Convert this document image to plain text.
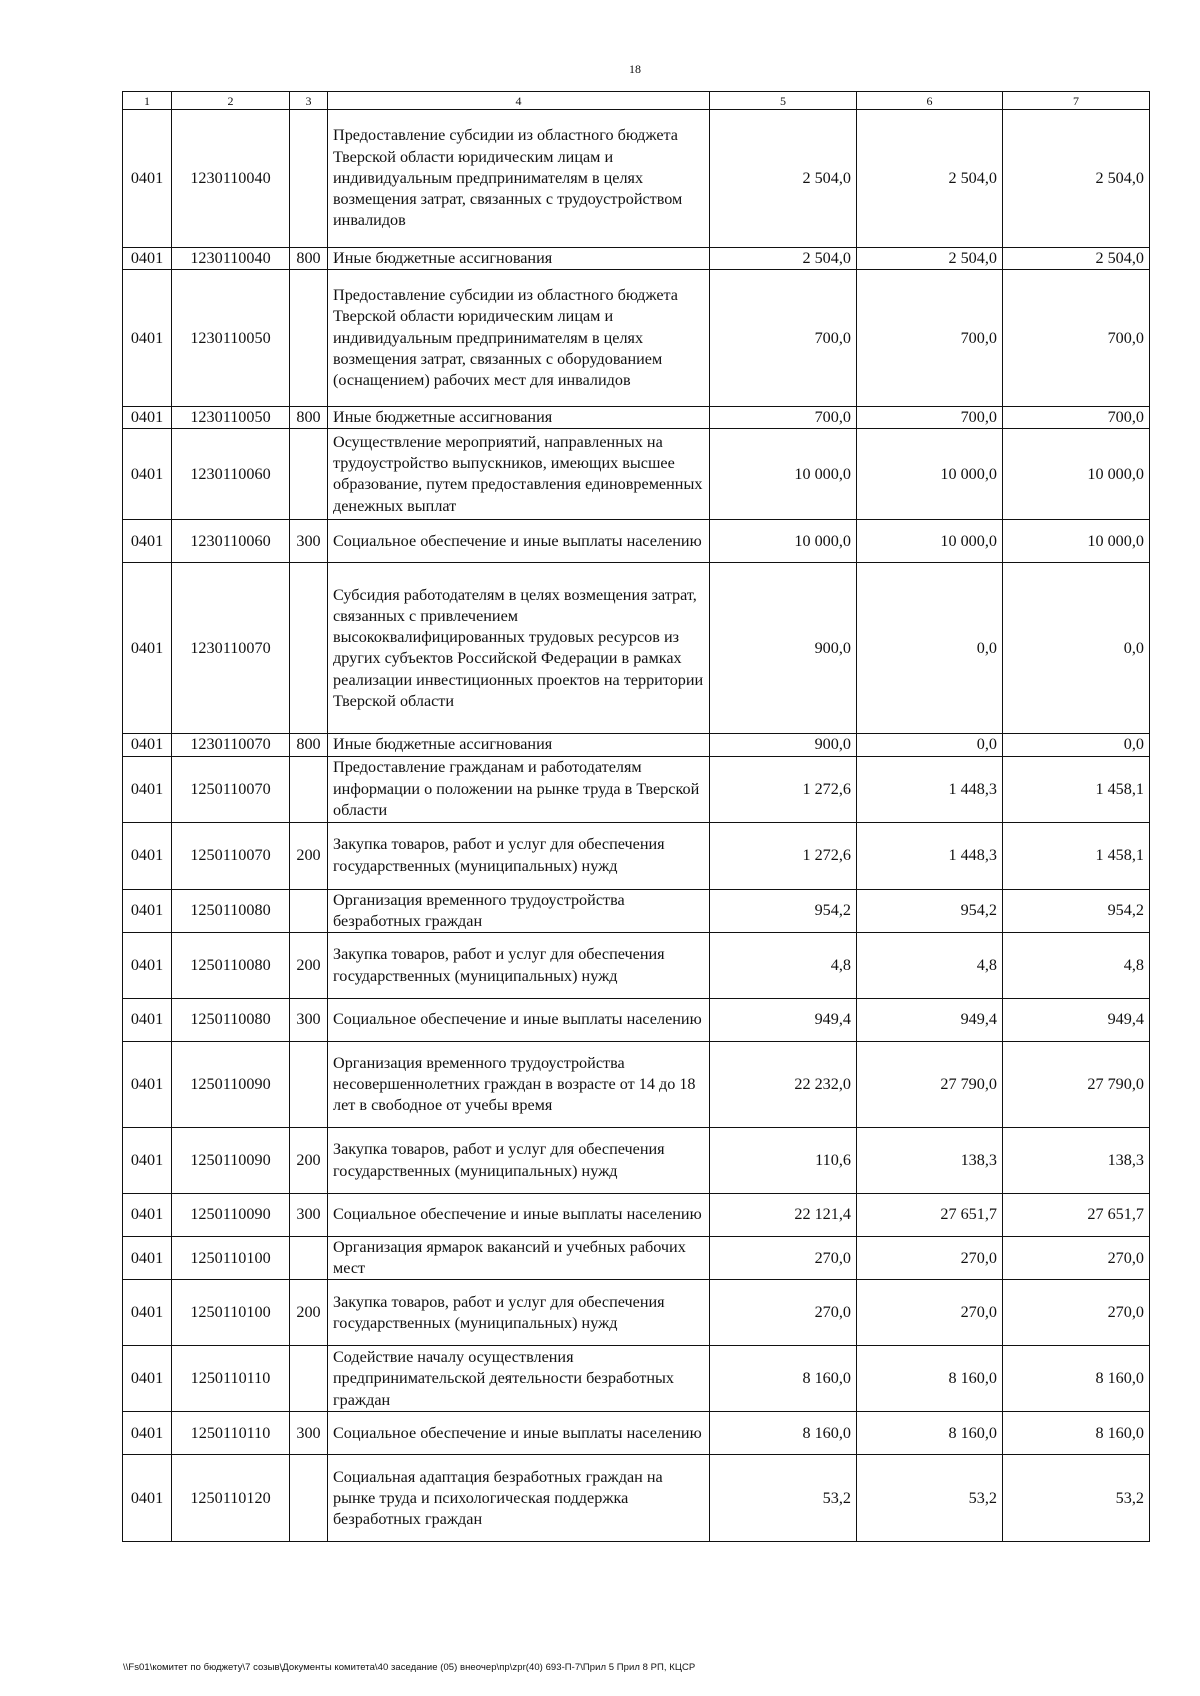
18
1	2	3	4	5	6	7
0401	1230110040		Предоставление субсидии из областного бюджета Тверской области юридическим лицам и индивидуальным предпринимателям в целях возмещения затрат, связанных с трудоустройством инвалидов	2 504,0	2 504,0	2 504,0
0401	1230110040	800	Иные бюджетные ассигнования	2 504,0	2 504,0	2 504,0
0401	1230110050		Предоставление субсидии из областного бюджета Тверской области юридическим лицам и индивидуальным предпринимателям в целях возмещения затрат, связанных с оборудованием (оснащением) рабочих мест для инвалидов	700,0	700,0	700,0
0401	1230110050	800	Иные бюджетные ассигнования	700,0	700,0	700,0
0401	1230110060		Осуществление мероприятий, направленных на трудоустройство выпускников, имеющих высшее образование, путем предоставления единовременных денежных выплат	10 000,0	10 000,0	10 000,0
0401	1230110060	300	Социальное обеспечение и иные выплаты населению	10 000,0	10 000,0	10 000,0
0401	1230110070		Субсидия работодателям в целях возмещения затрат, связанных с привлечением высококвалифицированных трудовых ресурсов из других субъектов Российской Федерации в рамках реализации инвестиционных проектов на территории Тверской области	900,0	0,0	0,0
0401	1230110070	800	Иные бюджетные ассигнования	900,0	0,0	0,0
0401	1250110070		Предоставление гражданам и работодателям информации о положении на рынке труда в Тверской области	1 272,6	1 448,3	1 458,1
0401	1250110070	200	Закупка товаров, работ и услуг для обеспечения государственных (муниципальных) нужд	1 272,6	1 448,3	1 458,1
0401	1250110080		Организация временного трудоустройства безработных граждан	954,2	954,2	954,2
0401	1250110080	200	Закупка товаров, работ и услуг для обеспечения государственных (муниципальных) нужд	4,8	4,8	4,8
0401	1250110080	300	Социальное обеспечение и иные выплаты населению	949,4	949,4	949,4
0401	1250110090		Организация временного трудоустройства несовершеннолетних граждан в возрасте от 14 до 18 лет в свободное от учебы время	22 232,0	27 790,0	27 790,0
0401	1250110090	200	Закупка товаров, работ и услуг для обеспечения государственных (муниципальных) нужд	110,6	138,3	138,3
0401	1250110090	300	Социальное обеспечение и иные выплаты населению	22 121,4	27 651,7	27 651,7
0401	1250110100		Организация ярмарок вакансий и учебных рабочих мест	270,0	270,0	270,0
0401	1250110100	200	Закупка товаров, работ и услуг для обеспечения государственных (муниципальных) нужд	270,0	270,0	270,0
0401	1250110110		Содействие началу осуществления предпринимательской деятельности безработных граждан	8 160,0	8 160,0	8 160,0
0401	1250110110	300	Социальное обеспечение и иные выплаты населению	8 160,0	8 160,0	8 160,0
0401	1250110120		Социальная адаптация безработных граждан на рынке труда и психологическая поддержка безработных граждан	53,2	53,2	53,2
\\Fs01\комитет по бюджету\7 созыв\Документы комитета\40 заседание (05) внеочер\пр\zpr(40) 693-П-7\Прил 5 Прил 8 РП, КЦСР
